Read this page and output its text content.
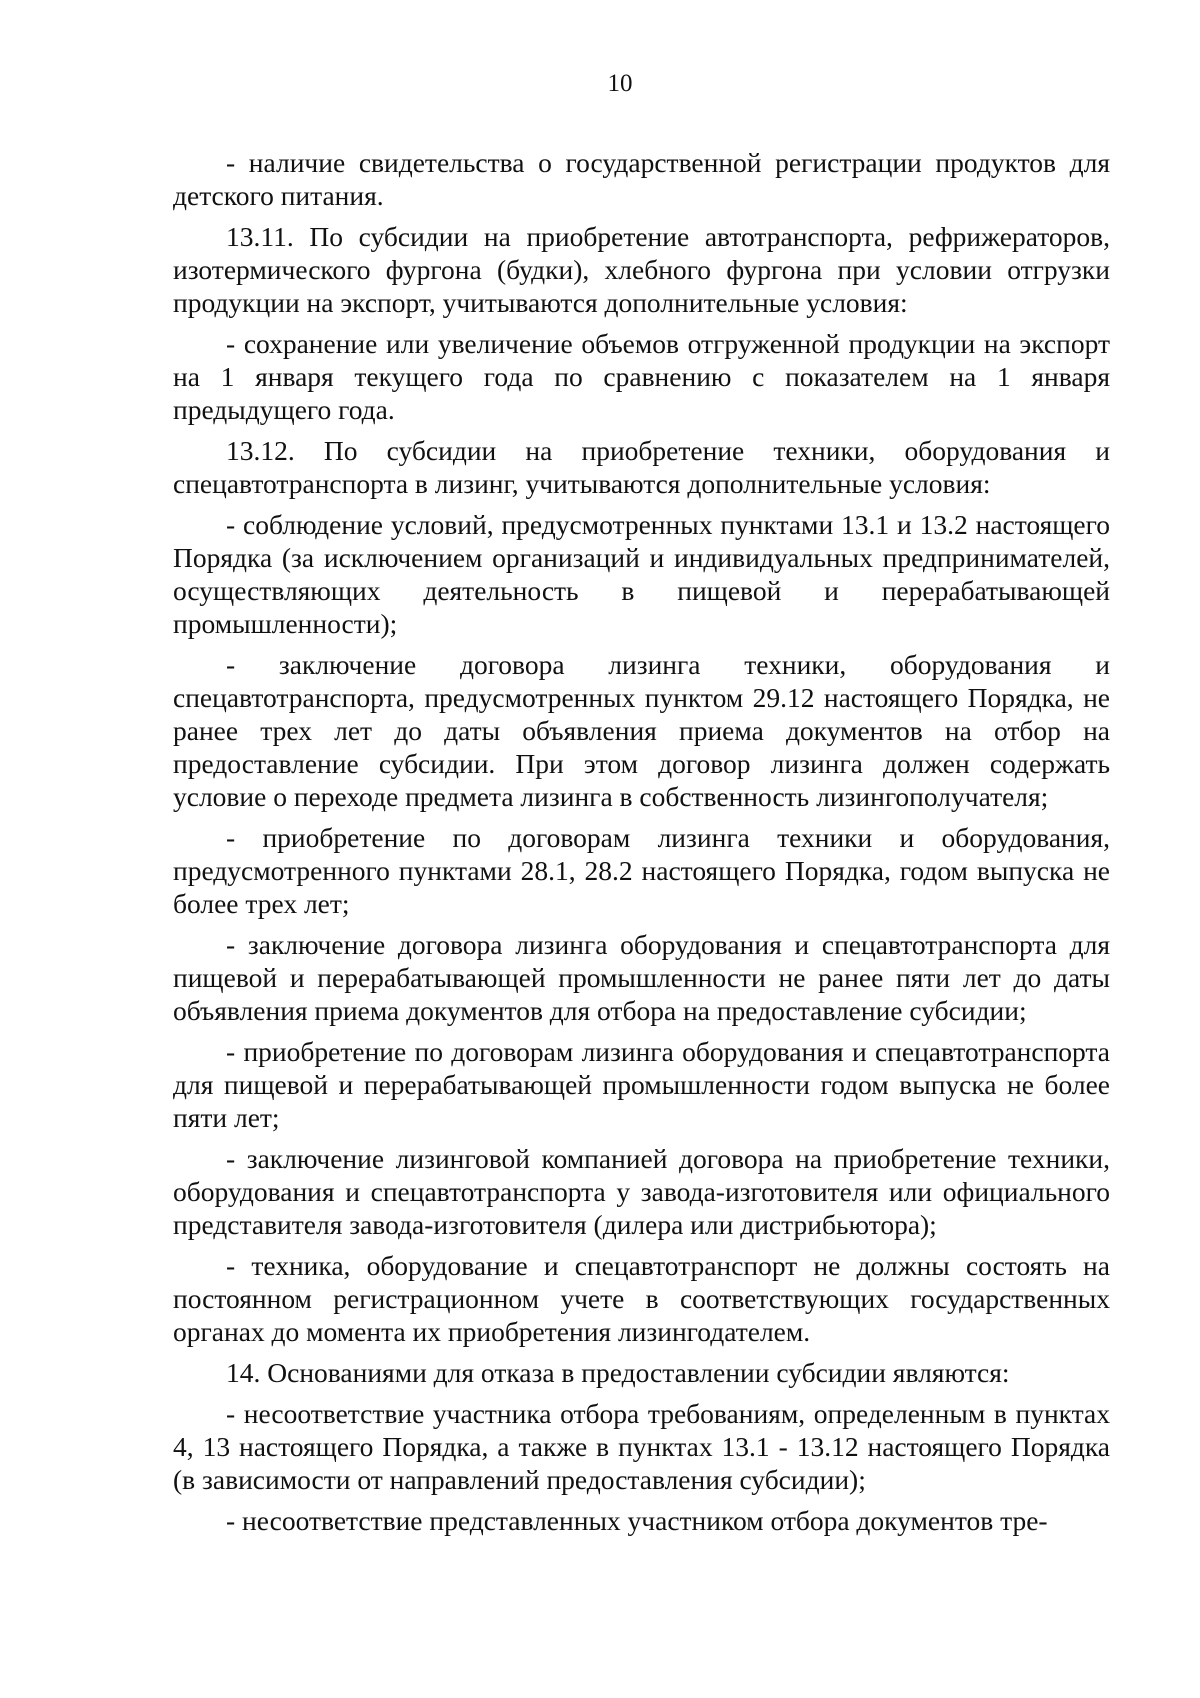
10

- наличие свидетельства о государственной регистрации продуктов для детского питания.

13.11. По субсидии на приобретение автотранспорта, рефрижераторов, изотермического фургона (будки), хлебного фургона при условии отгрузки продукции на экспорт, учитываются дополнительные условия:

- сохранение или увеличение объемов отгруженной продукции на экспорт на 1 января текущего года по сравнению с показателем на 1 января предыдущего года.

13.12. По субсидии на приобретение техники, оборудования и спецавтотранспорта в лизинг, учитываются дополнительные условия:

- соблюдение условий, предусмотренных пунктами 13.1 и 13.2 настоящего Порядка (за исключением организаций и индивидуальных предпринимателей, осуществляющих деятельность в пищевой и перерабатывающей промышленности);

- заключение договора лизинга техники, оборудования и спецавтотранспорта, предусмотренных пунктом 29.12 настоящего Порядка, не ранее трех лет до даты объявления приема документов на отбор на предоставление субсидии. При этом договор лизинга должен содержать условие о переходе предмета лизинга в собственность лизингополучателя;

- приобретение по договорам лизинга техники и оборудования, предусмотренного пунктами 28.1, 28.2 настоящего Порядка, годом выпуска не более трех лет;

- заключение договора лизинга оборудования и спецавтотранспорта для пищевой и перерабатывающей промышленности не ранее пяти лет до даты объявления приема документов для отбора на предоставление субсидии;

- приобретение по договорам лизинга оборудования и спецавтотранспорта для пищевой и перерабатывающей промышленности годом выпуска не более пяти лет;

- заключение лизинговой компанией договора на приобретение техники, оборудования и спецавтотранспорта у завода-изготовителя или официального представителя завода-изготовителя (дилера или дистрибьютора);

- техника, оборудование и спецавтотранспорт не должны состоять на постоянном регистрационном учете в соответствующих государственных органах до момента их приобретения лизингодателем.

14. Основаниями для отказа в предоставлении субсидии являются:

- несоответствие участника отбора требованиям, определенным в пунктах 4, 13 настоящего Порядка, а также в пунктах 13.1 - 13.12 настоящего Порядка (в зависимости от направлений предоставления субсидии);

- несоответствие представленных участником отбора документов тре-
